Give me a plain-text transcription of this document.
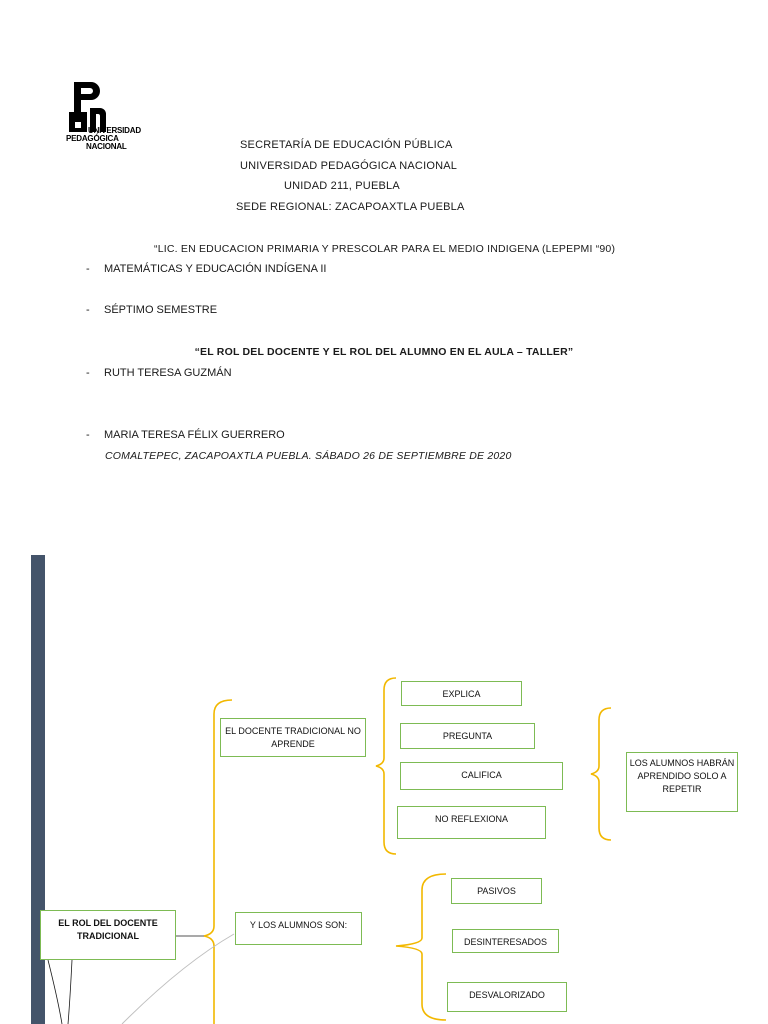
UNIVERSIDAD
PEDAGÓGICA
NACIONAL	SECRETARÍA DE EDUCACIÓN PÚBLICA
UNIVERSIDAD PEDAGÓGICA NACIONAL
UNIDAD 211, PUEBLA
SEDE REGIONAL: ZACAPOAXTLA PUEBLA
“LIC. EN EDUCACION PRIMARIA Y PRESCOLAR PARA EL MEDIO INDIGENA (LEPEPMI “90)
- MATEMÁTICAS Y EDUCACIÓN INDÍGENA II
- SÉPTIMO SEMESTRE
“EL ROL DEL DOCENTE Y EL ROL DEL ALUMNO EN EL AULA – TALLER”
- RUTH TERESA GUZMÁN
- MARIA TERESA FÉLIX GUERRERO
COMALTEPEC, ZACAPOAXTLA PUEBLA. SÁBADO 26 DE SEPTIEMBRE DE 2020
EL ROL DEL DOCENTE TRADICIONAL
EL DOCENTE TRADICIONAL NO APRENDE
EXPLICA
PREGUNTA
CALIFICA
NO REFLEXIONA
LOS ALUMNOS HABRÁN APRENDIDO SOLO A REPETIR
Y LOS ALUMNOS SON:
PASIVOS
DESINTERESADOS
DESVALORIZADO
